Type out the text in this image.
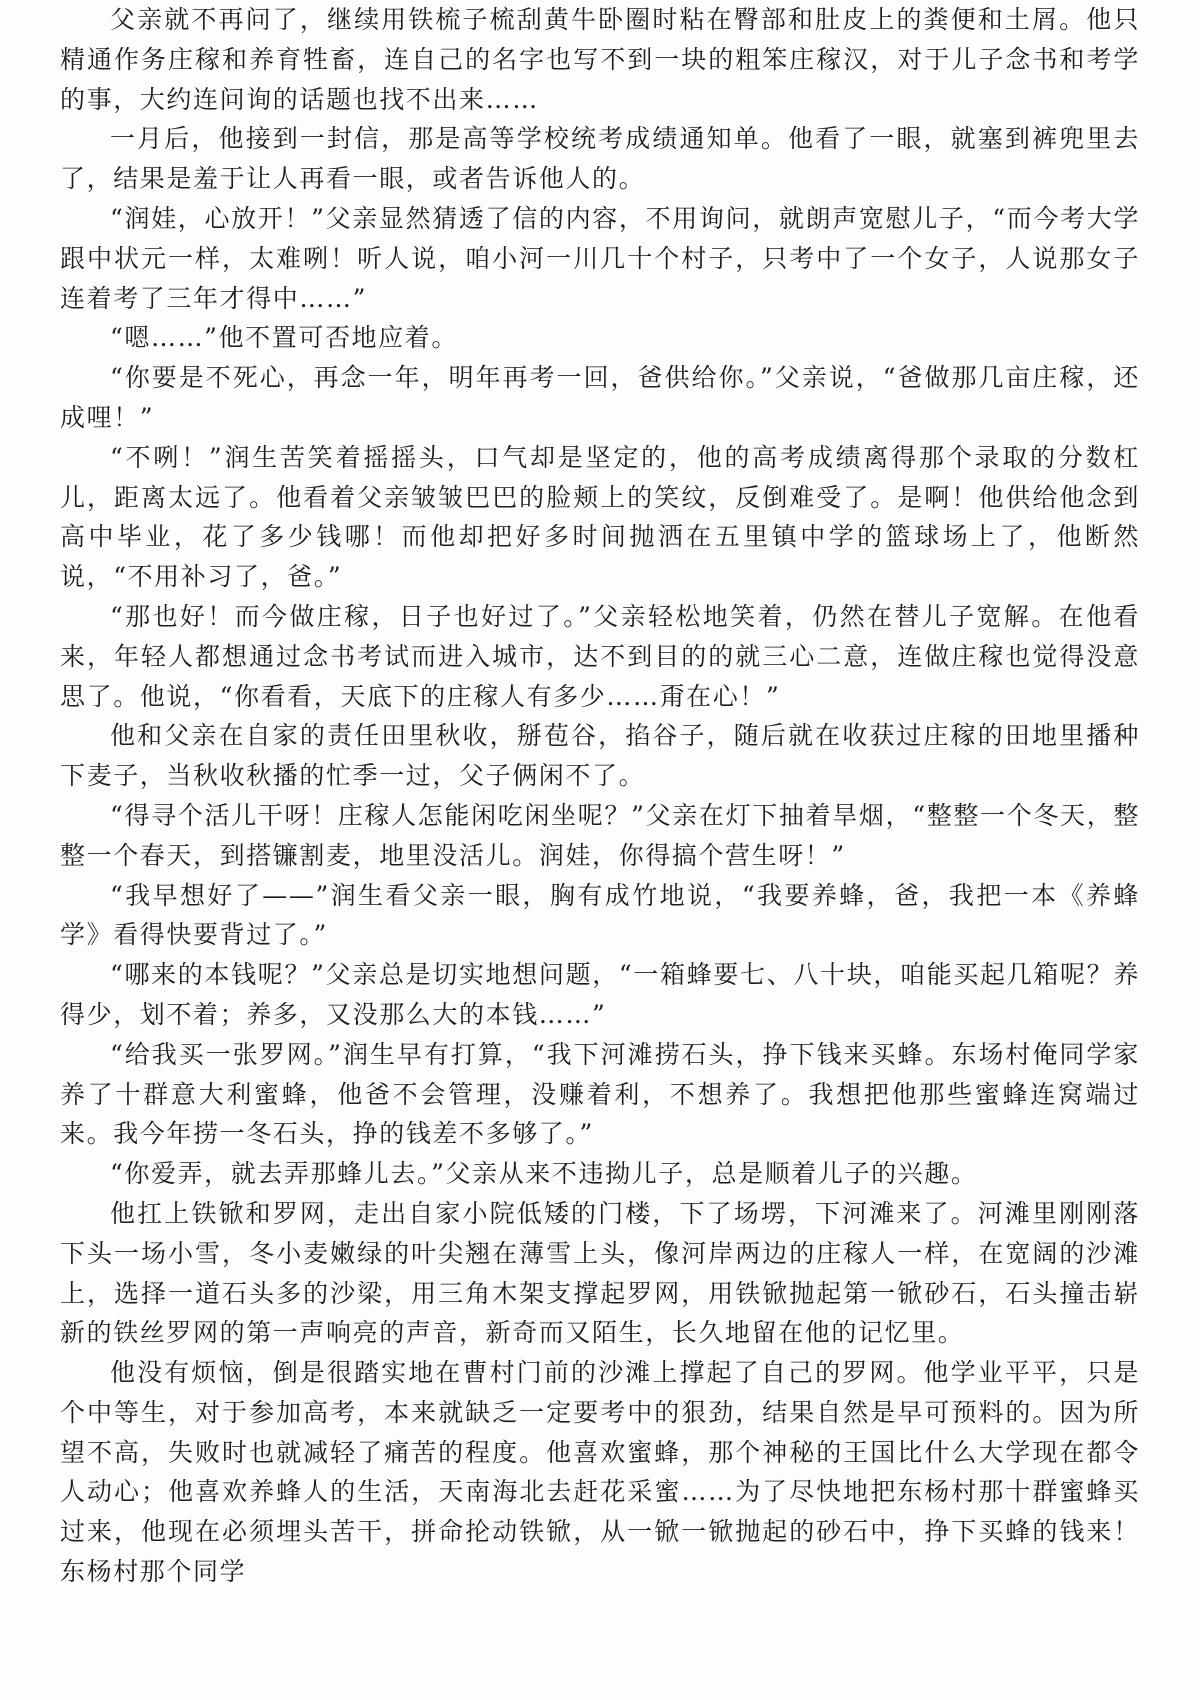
父亲就不再问了，继续用铁梳子梳刮黄牛卧圈时粘在臀部和肚皮上的粪便和土屑。他只精通作务庄稼和养育牲畜，连自己的名字也写不到一块的粗笨庄稼汉，对于儿子念书和考学的事，大约连问询的话题也找不出来……

一月后，他接到一封信，那是高等学校统考成绩通知单。他看了一眼，就塞到裤兜里去了，结果是羞于让人再看一眼，或者告诉他人的。

“润娃，心放开！”父亲显然猜透了信的内容，不用询问，就朗声宽慰儿子，“而今考大学跟中状元一样，太难咧！听人说，咱小河一川几十个村子，只考中了一个女子，人说那女子连着考了三年才得中……”

“嗯……”他不置可否地应着。

“你要是不死心，再念一年，明年再考一回，爸供给你。”父亲说，“爸做那几亩庄稼，还成哩！”

“不咧！”润生苦笑着摇摇头，口气却是坚定的，他的高考成绩离得那个录取的分数杠儿，距离太远了。他看着父亲皱皱巴巴的脸颊上的笑纹，反倒难受了。是啊！他供给他念到高中毕业，花了多少钱哪！而他却把好多时间抛洒在五里镇中学的篮球场上了，他断然说，“不用补习了，爸。”

“那也好！而今做庄稼，日子也好过了。”父亲轻松地笑着，仍然在替儿子宽解。在他看来，年轻人都想通过念书考试而进入城市，达不到目的的就三心二意，连做庄稼也觉得没意思了。他说，“你看看，天底下的庄稼人有多少……甭在心！”

他和父亲在自家的责任田里秋收，掰苞谷，掐谷子，随后就在收获过庄稼的田地里播种下麦子，当秋收秋播的忙季一过，父子俩闲不了。

“得寻个活儿干呀！庄稼人怎能闲吃闲坐呢？”父亲在灯下抽着旱烟，“整整一个冬天，整整一个春天，到搭镰割麦，地里没活儿。润娃，你得搞个营生呀！”

“我早想好了——”润生看父亲一眼，胸有成竹地说，“我要养蜂，爸，我把一本《养蜂学》看得快要背过了。”

“哪来的本钱呢？”父亲总是切实地想问题，“一箱蜂要七、八十块，咱能买起几箱呢？养得少，划不着；养多，又没那么大的本钱……”

“给我买一张罗网。”润生早有打算，“我下河滩捞石头，挣下钱来买蜂。东场村俺同学家养了十群意大利蜜蜂，他爸不会管理，没赚着利，不想养了。我想把他那些蜜蜂连窝端过来。我今年捞一冬石头，挣的钱差不多够了。”

“你爱弄，就去弄那蜂儿去。”父亲从来不违拗儿子，总是顺着儿子的兴趣。

他扛上铁锨和罗网，走出自家小院低矮的门楼，下了场塄，下河滩来了。河滩里刚刚落下头一场小雪，冬小麦嫩绿的叶尖翘在薄雪上头，像河岸两边的庄稼人一样，在宽阔的沙滩上，选择一道石头多的沙梁，用三角木架支撑起罗网，用铁锨抛起第一锨砂石，石头撞击崭新的铁丝罗网的第一声响亮的声音，新奇而又陌生，长久地留在他的记忆里。

他没有烦恼，倒是很踏实地在曹村门前的沙滩上撑起了自己的罗网。他学业平平，只是个中等生，对于参加高考，本来就缺乏一定要考中的狠劲，结果自然是早可预料的。因为所望不高，失败时也就减轻了痛苦的程度。他喜欢蜜蜂，那个神秘的王国比什么大学现在都令人动心；他喜欢养蜂人的生活，天南海北去赶花采蜜……为了尽快地把东杨村那十群蜜蜂买过来，他现在必须埋头苦干，拼命抡动铁锨，从一锨一锨抛起的砂石中，挣下买蜂的钱来！东杨村那个同学
